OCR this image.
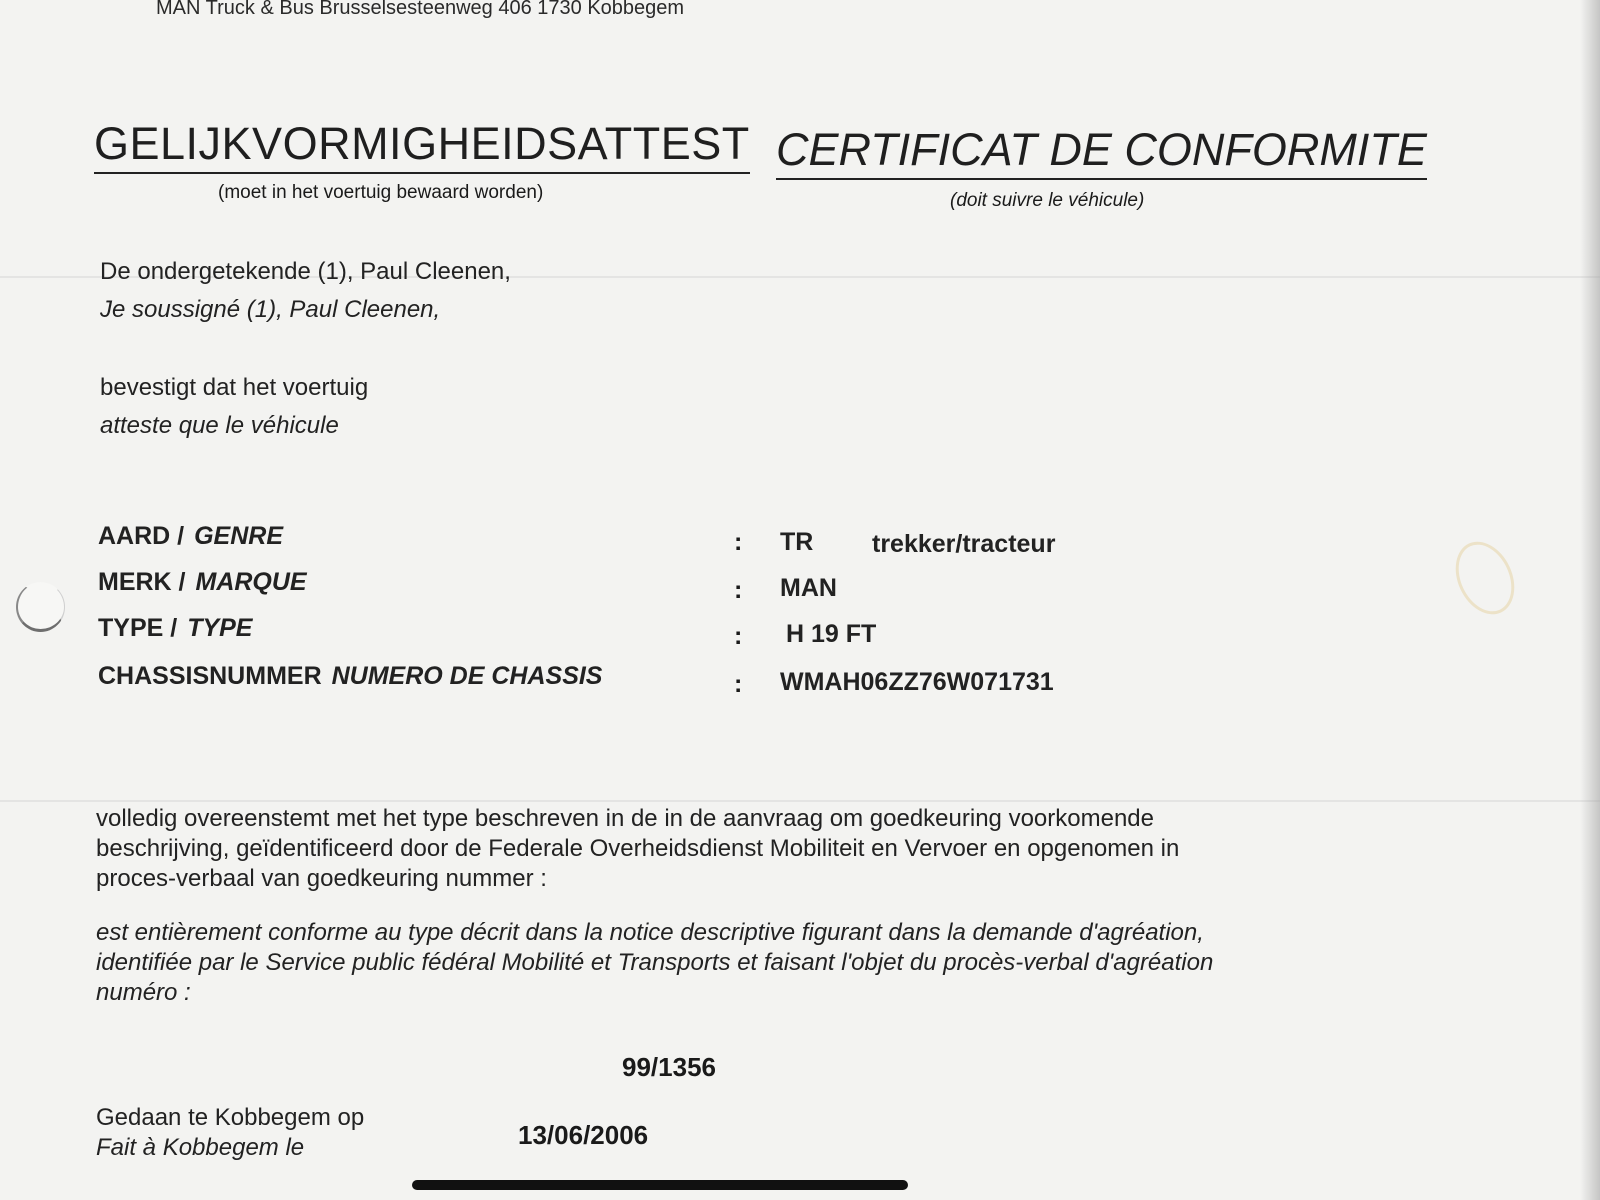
MAN Truck & Bus Brusselsesteenweg 406 1730 Kobbegem
GELIJKVORMIGHEIDSATTEST CERTIFICAT DE CONFORMITE
(moet in het voertuig bewaard worden)	(doit suivre le véhicule)
De ondergetekende (1), Paul Cleenen,
Je soussigné (1), Paul Cleenen,
bevestigt dat het voertuig
atteste que le véhicule
AARD / GENRE	: TR trekker/tracteur
MERK / MARQUE	: MAN
TYPE / TYPE	: H 19 FT
CHASSISNUMMER NUMERO DE CHASSIS	: WMAH06ZZ76W071731
volledig overeenstemt met het type beschreven in de in de aanvraag om goedkeuring voorkomende
beschrijving, geïdentificeerd door de Federale Overheidsdienst Mobiliteit en Vervoer en opgenomen in
proces-verbaal van goedkeuring nummer :
est entièrement conforme au type décrit dans la notice descriptive figurant dans la demande d'agréation,
identifiée par le Service public fédéral Mobilité et Transports et faisant l'objet du procès-verbal d'agréation
numéro :
99/1356
Gedaan te Kobbegem op
Fait à Kobbegem le	13/06/2006
